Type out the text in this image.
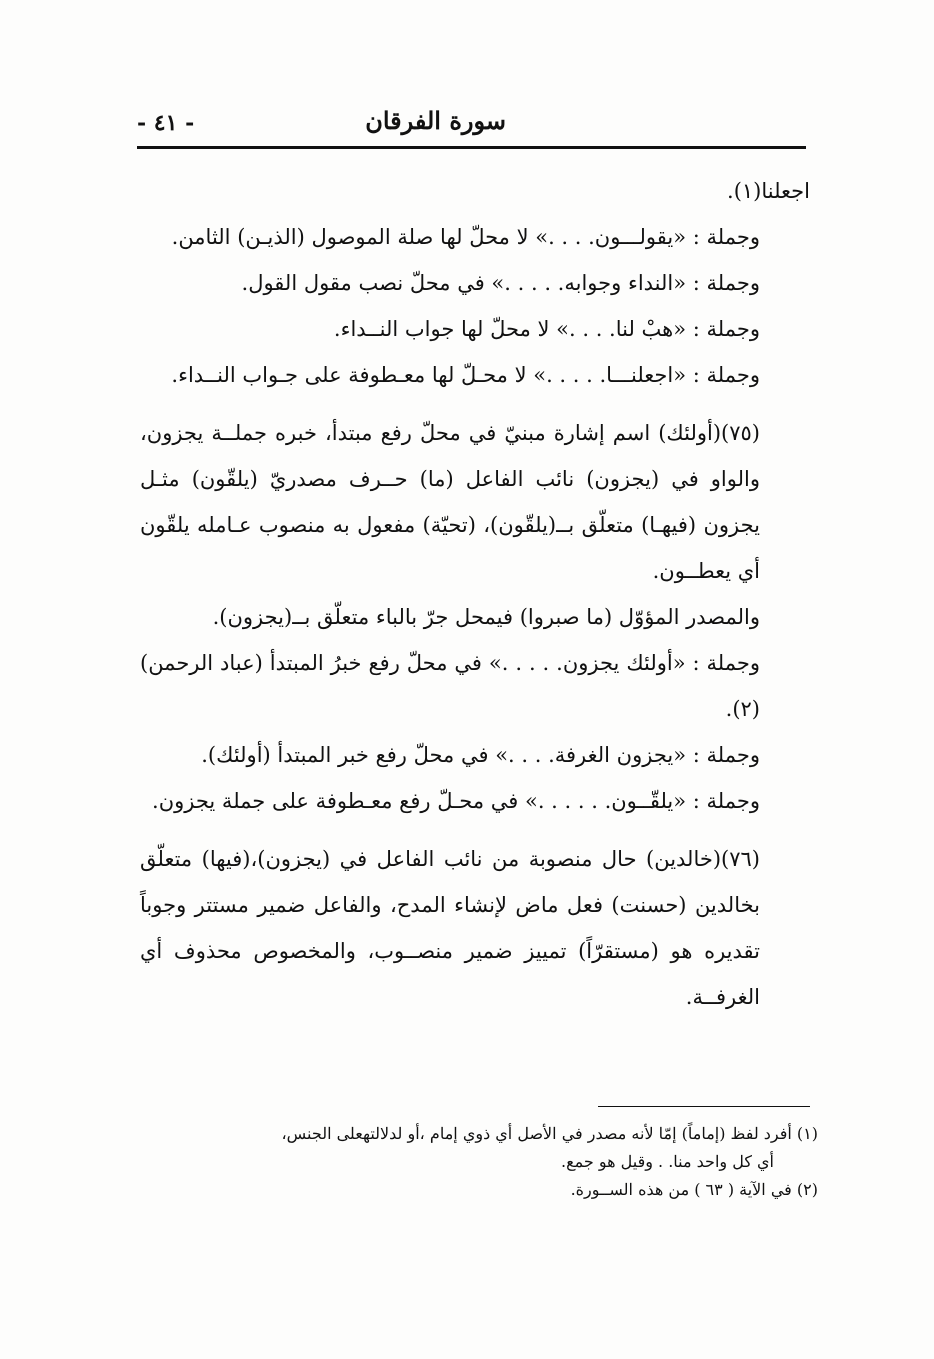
سورة الفرقان
- ٤١ -

اجعلنا(١).

وجملة : «يقولـــون. . . .» لا محلّ لها صلة الموصول (الذيـن) الثامن.

وجملة : «النداء وجوابه. . . . .» في محلّ نصب مقول القول.

وجملة : «هبْ لنا. . . .» لا محلّ لها جواب النــداء.

وجملة : «اجعلنـــا. . . . .» لا محـلّ لها معـطوفة على جـواب النــداء.

(٧٥)(أولئك) اسم إشارة مبنيّ في محلّ رفع مبتدأ، خبره جملــة يجزون، والواو في (يجزون) نائب الفاعل (ما) حــرف مصدريّ (يلقّون) مثـل يجزون (فيهـا) متعلّق بــ(يلقّون)، (تحيّة) مفعول به منصوب عـامله يلقّون أي يعطــون.

والمصدر المؤوّل (ما صبروا) فيمحل جرّ بالباء متعلّق بــ(يجزون).

وجملة : «أولئك يجزون. . . . .» في محلّ رفع خبرُ المبتدأ (عباد الرحمن)(٢).

وجملة : «يجزون الغرفة. . . .» في محلّ رفع خبر المبتدأ (أولئك).

وجملة : «يلقّــون. . . . . .» في محـلّ رفع معـطوفة على جملة يجزون.

(٧٦)(خالدين) حال منصوبة من نائب الفاعل في (يجزون)،(فيها) متعلّق بخالدين (حسنت) فعل ماض لإنشاء المدح، والفاعل ضمير مستتر وجوباً تقديره هو (مستقرّاً) تمييز ضمير منصــوب، والمخصوص محذوف أي الغرفــة.

(١) أفرد لفظ (إماماً) إمّا لأنه مصدر في الأصل أي ذوي إمام ،أو لدلالتهعلى الجنس،

أي كل واحد منا. . وقيل هو جمع.

(٢) في الآية ( ٦٣ ) من هذه الســورة.
